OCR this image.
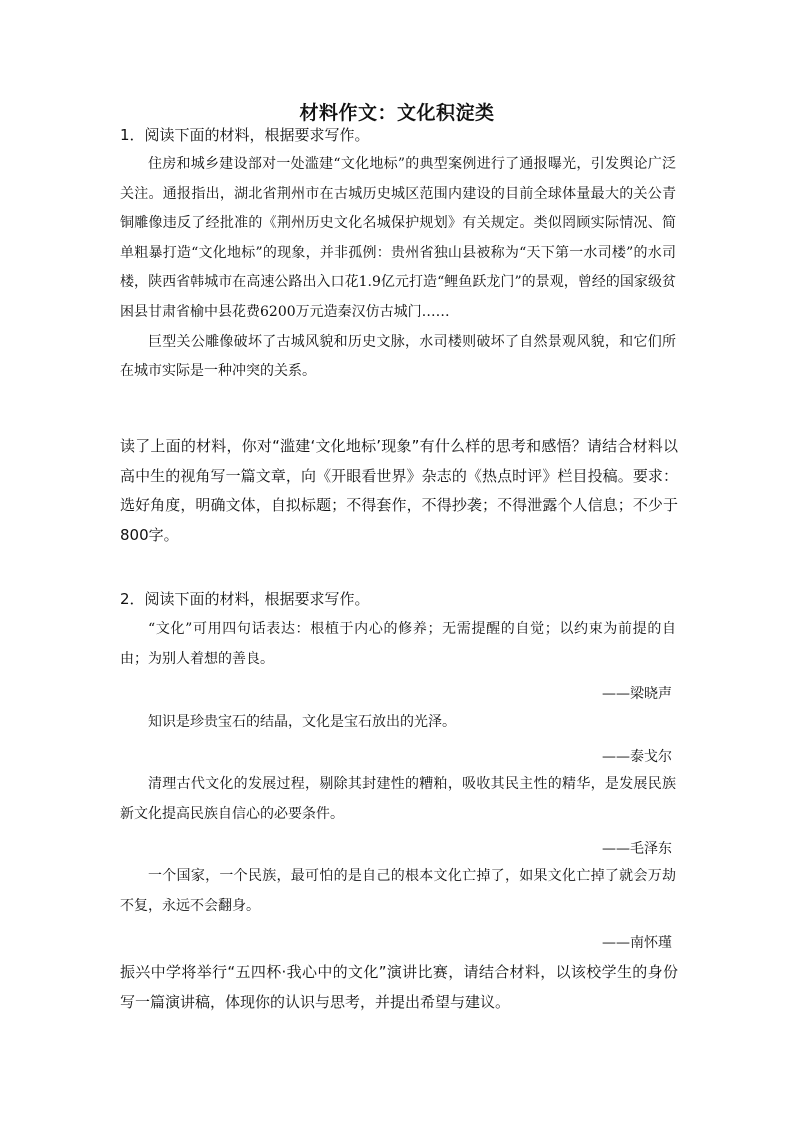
材料作文：文化积淀类
1．阅读下面的材料，根据要求写作。

住房和城乡建设部对一处滥建“文化地标”的典型案例进行了通报曝光，引发舆论广泛关注。通报指出，湖北省荆州市在古城历史城区范围内建设的目前全球体量最大的关公青铜雕像违反了经批准的《荆州历史文化名城保护规划》有关规定。类似罔顾实际情况、简单粗暴打造“文化地标”的现象，并非孤例：贵州省独山县被称为“天下第一水司楼”的水司楼，陕西省韩城市在高速公路出入口花1.9亿元打造“鲤鱼跃龙门”的景观，曾经的国家级贫困县甘肃省榆中县花费6200万元造秦汉仿古城门……

巨型关公雕像破坏了古城风貌和历史文脉，水司楼则破坏了自然景观风貌，和它们所在城市实际是一种冲突的关系。

读了上面的材料，你对“滥建‘文化地标’现象”有什么样的思考和感悟？请结合材料以高中生的视角写一篇文章，向《开眼看世界》杂志的《热点时评》栏目投稿。要求：选好角度，明确文体，自拟标题；不得套作，不得抄袭；不得泄露个人信息；不少于800字。

2．阅读下面的材料，根据要求写作。

“文化”可用四句话表达：根植于内心的修养；无需提醒的自觉；以约束为前提的自由；为别人着想的善良。

——梁晓声

知识是珍贵宝石的结晶，文化是宝石放出的光泽。

——泰戈尔

清理古代文化的发展过程，剔除其封建性的糟粕，吸收其民主性的精华，是发展民族新文化提高民族自信心的必要条件。

——毛泽东

一个国家，一个民族，最可怕的是自己的根本文化亡掉了，如果文化亡掉了就会万劫不复，永远不会翻身。

——南怀瑾

振兴中学将举行“五四杯·我心中的文化”演讲比赛，请结合材料，以该校学生的身份写一篇演讲稿，体现你的认识与思考，并提出希望与建议。
